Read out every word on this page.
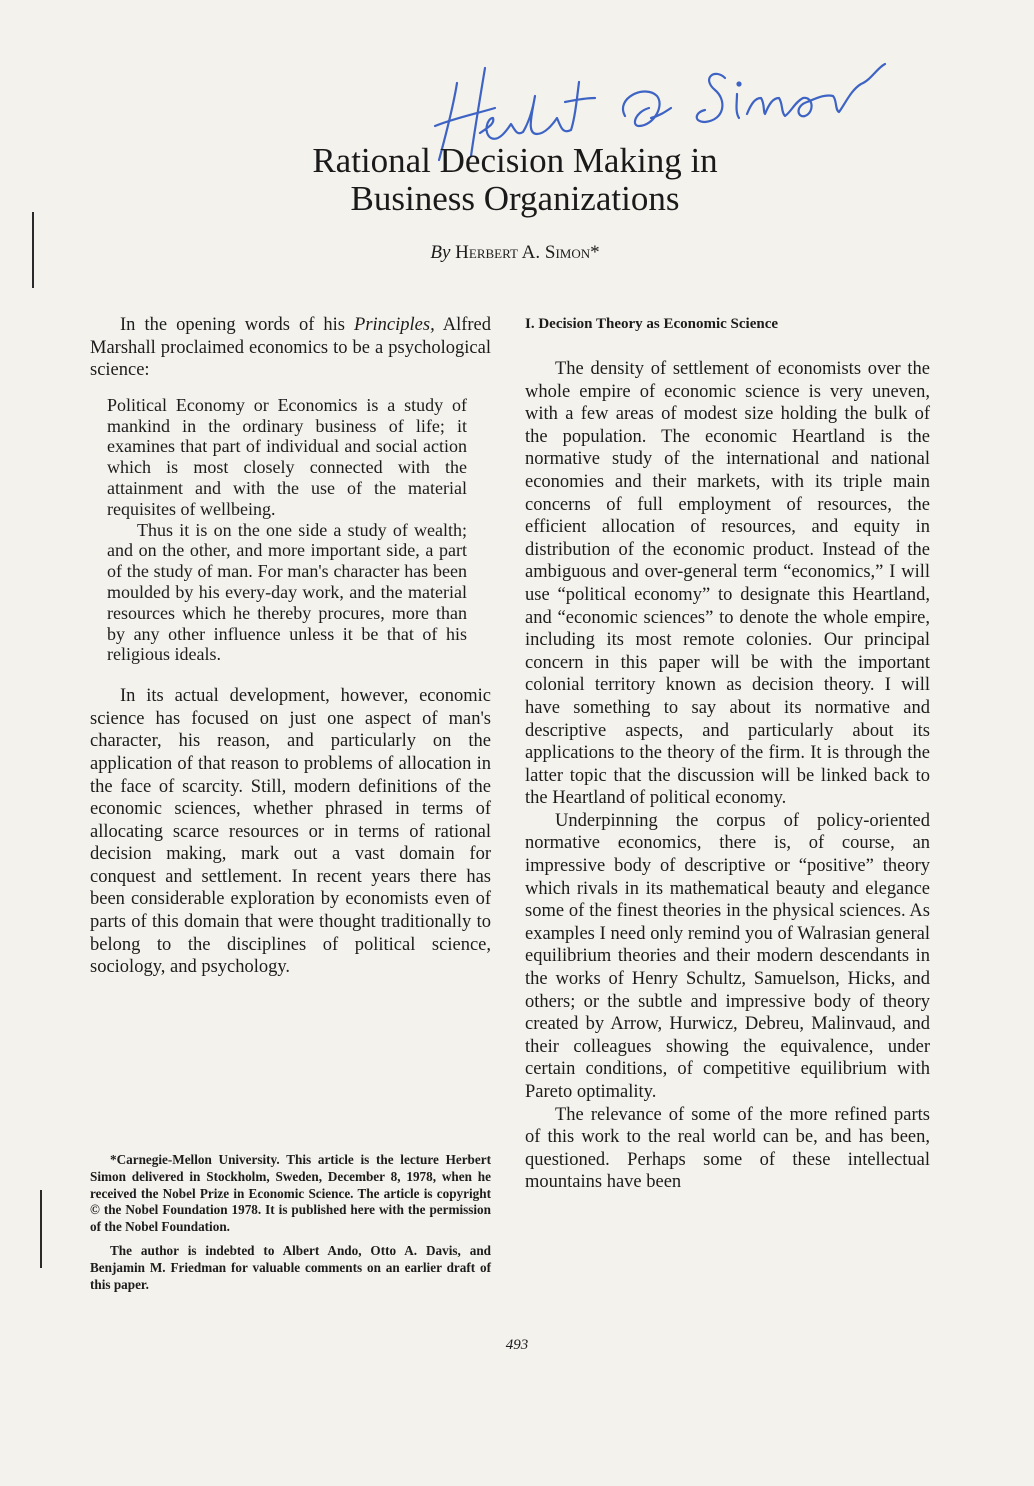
Rational Decision Making in
Business Organizations
By Herbert A. Simon*

In the opening words of his Principles, Alfred Marshall proclaimed economics to be a psychological science:

Political Economy or Economics is a study of mankind in the ordinary business of life; it examines that part of individual and social action which is most closely connected with the attainment and with the use of the material requisites of wellbeing.

Thus it is on the one side a study of wealth; and on the other, and more important side, a part of the study of man. For man's character has been moulded by his every-day work, and the material resources which he thereby procures, more than by any other influence unless it be that of his religious ideals.

In its actual development, however, economic science has focused on just one aspect of man's character, his reason, and particularly on the application of that reason to problems of allocation in the face of scarcity. Still, modern definitions of the economic sciences, whether phrased in terms of allocating scarce resources or in terms of rational decision making, mark out a vast domain for conquest and settlement. In recent years there has been considerable exploration by economists even of parts of this domain that were thought traditionally to belong to the disciplines of political science, sociology, and psychology.

*Carnegie-Mellon University. This article is the lecture Herbert Simon delivered in Stockholm, Sweden, December 8, 1978, when he received the Nobel Prize in Economic Science. The article is copyright © the Nobel Foundation 1978. It is published here with the permission of the Nobel Foundation.

The author is indebted to Albert Ando, Otto A. Davis, and Benjamin M. Friedman for valuable comments on an earlier draft of this paper.

I. Decision Theory as Economic Science

The density of settlement of economists over the whole empire of economic science is very uneven, with a few areas of modest size holding the bulk of the population. The economic Heartland is the normative study of the international and national economies and their markets, with its triple main concerns of full employment of resources, the efficient allocation of resources, and equity in distribution of the economic product. Instead of the ambiguous and over-general term “economics,” I will use “political economy” to designate this Heartland, and “economic sciences” to denote the whole empire, including its most remote colonies. Our principal concern in this paper will be with the important colonial territory known as decision theory. I will have something to say about its normative and descriptive aspects, and particularly about its applications to the theory of the firm. It is through the latter topic that the discussion will be linked back to the Heartland of political economy.

Underpinning the corpus of policy-oriented normative economics, there is, of course, an impressive body of descriptive or “positive” theory which rivals in its mathematical beauty and elegance some of the finest theories in the physical sciences. As examples I need only remind you of Walrasian general equilibrium theories and their modern descendants in the works of Henry Schultz, Samuelson, Hicks, and others; or the subtle and impressive body of theory created by Arrow, Hurwicz, Debreu, Malinvaud, and their colleagues showing the equivalence, under certain conditions, of competitive equilibrium with Pareto optimality.

The relevance of some of the more refined parts of this work to the real world can be, and has been, questioned. Perhaps some of these intellectual mountains have been

493
